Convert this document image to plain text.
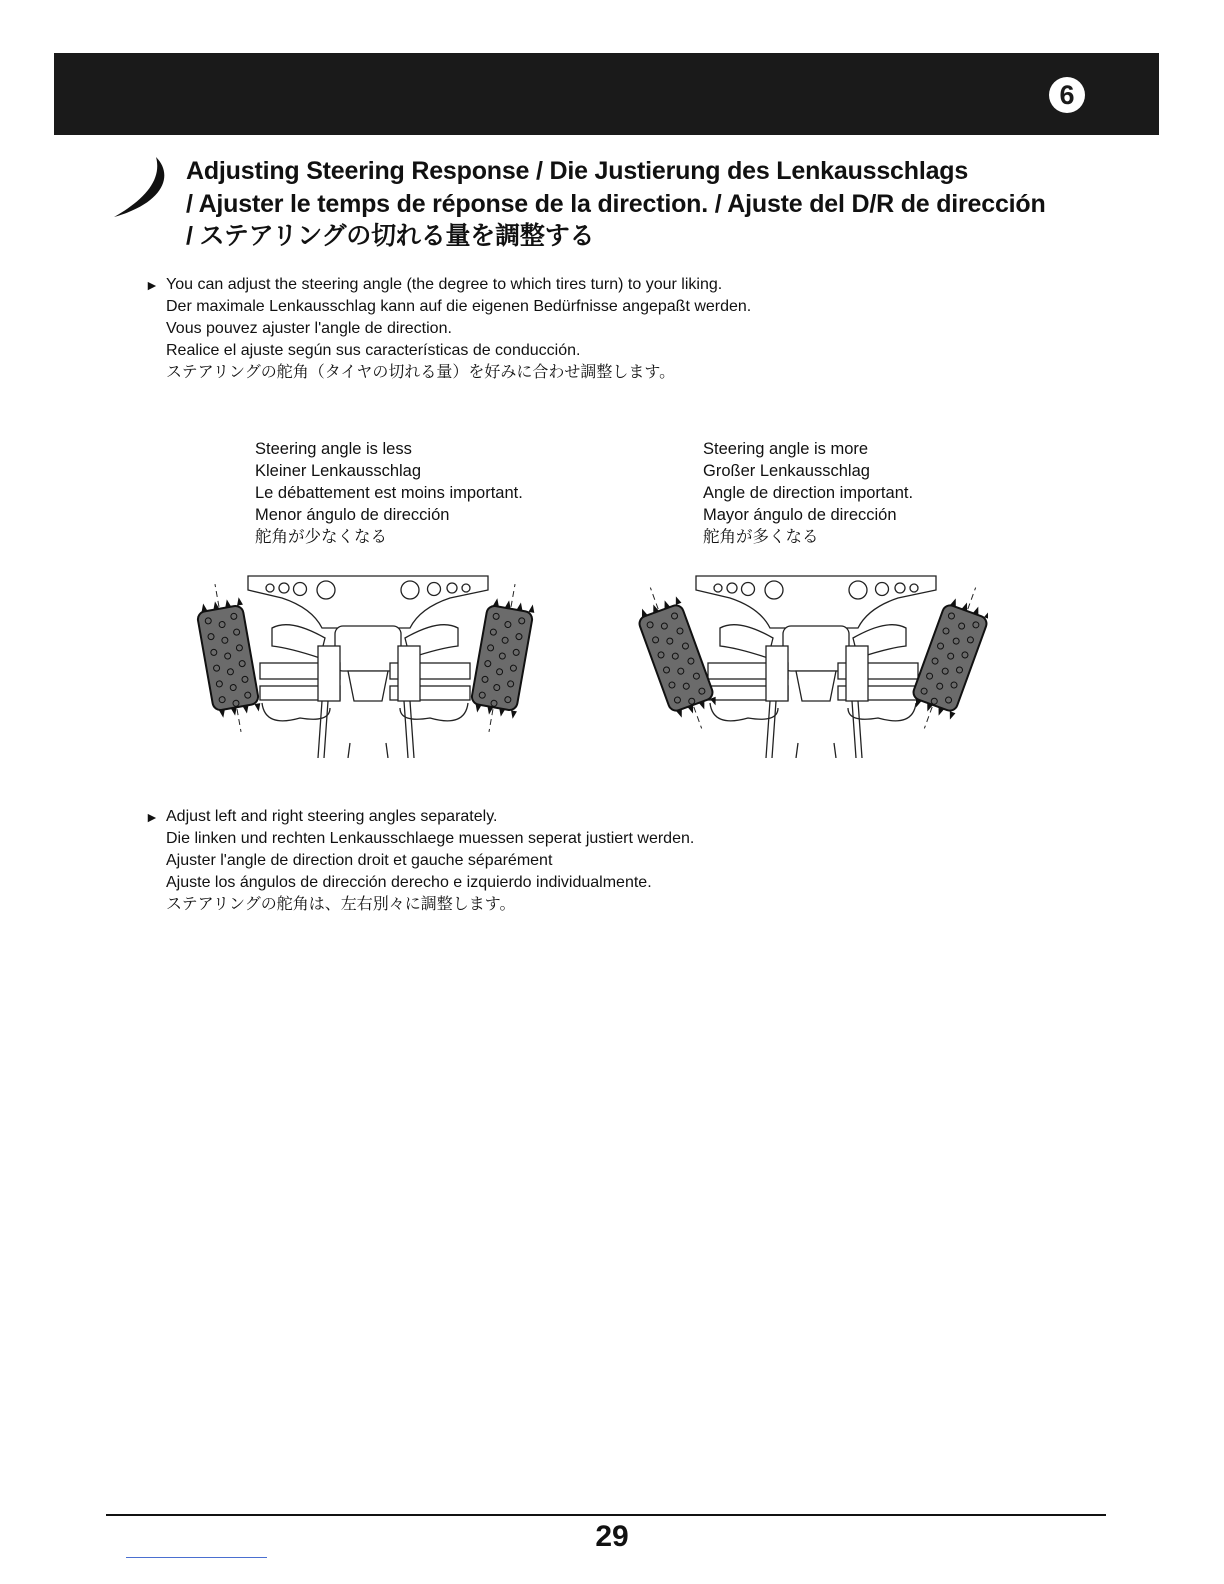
6
Adjusting Steering Response / Die Justierung des Lenkausschlags
/ Ajuster le temps de réponse de la direction. / Ajuste del D/R de dirección
/ ステアリングの切れる量を調整する
► You can adjust the steering angle (the degree to which tires turn) to your liking.
Der maximale Lenkausschlag kann auf die eigenen Bedürfnisse angepaßt werden.
Vous pouvez ajuster l'angle de direction.
Realice el ajuste según sus características de conducción.
ステアリングの舵角（タイヤの切れる量）を好みに合わせ調整します。
Steering angle is less
Kleiner Lenkausschlag
Le débattement est moins important.
Menor ángulo de dirección
舵角が少なくなる
Steering angle is more
Großer Lenkausschlag
Angle de direction important.
Mayor ángulo de dirección
舵角が多くなる
► Adjust left and right steering angles separately.
Die linken und rechten Lenkausschlaege muessen seperat justiert werden.
Ajuster l'angle de direction droit et gauche séparément
Ajuste los ángulos de dirección derecho e izquierdo individualmente.
ステアリングの舵角は、左右別々に調整します。
29
